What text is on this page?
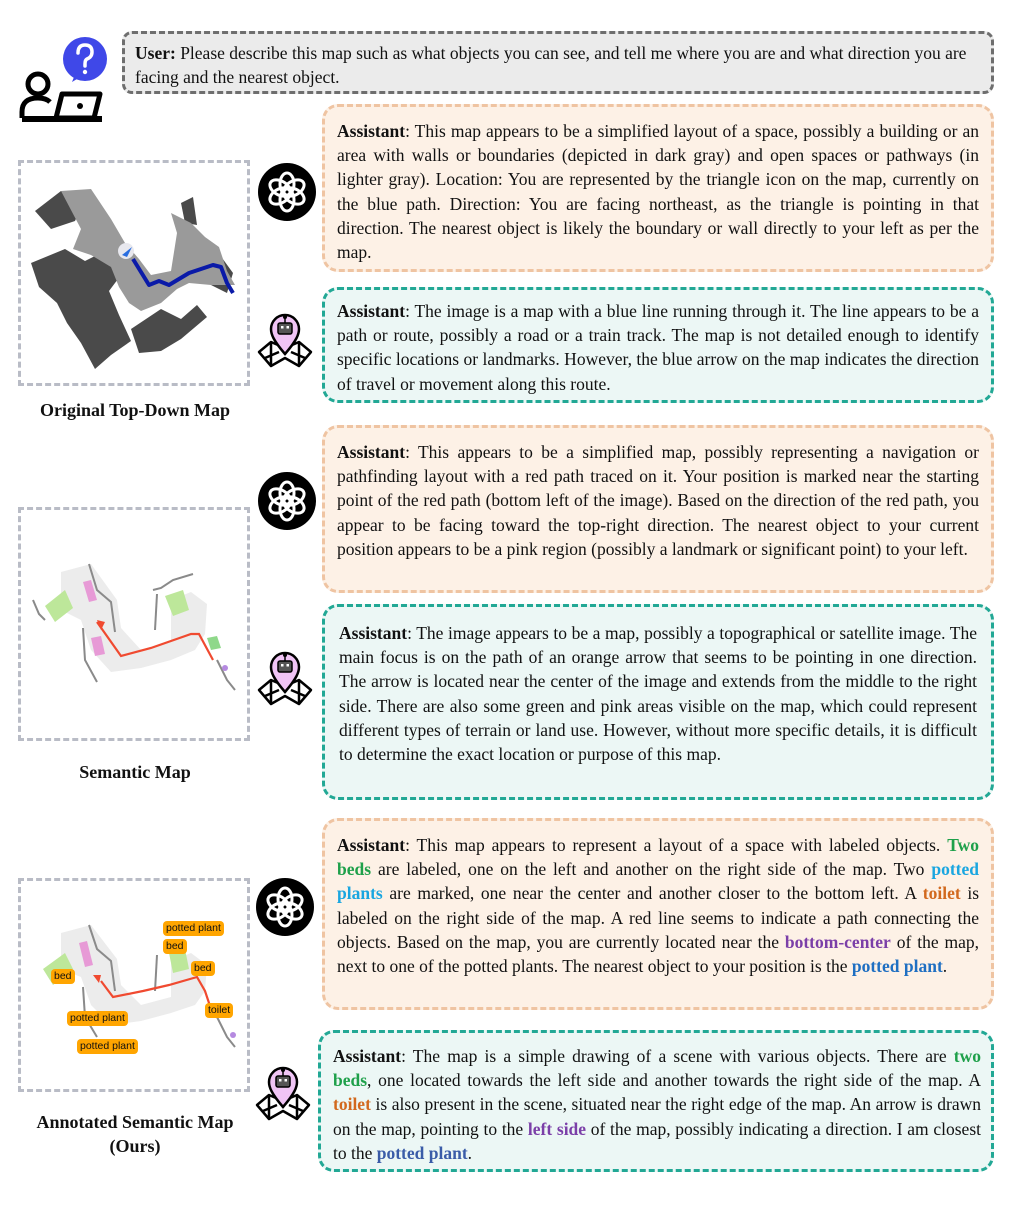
User: Please describe this map such as what objects you can see, and tell me where you are and what direction you are facing and the nearest object.
Original Top-Down Map
Semantic Map
bed
potted plant
bed
bed
potted plant
potted plant
toilet
Annotated Semantic Map
(Ours)
Assistant: This map appears to be a simplified layout of a space, possibly a building or an area with walls or boundaries (depicted in dark gray) and open spaces or pathways (in lighter gray). Location: You are represented by the triangle icon on the map, currently on the blue path. Direction: You are facing northeast, as the triangle is pointing in that direction. The nearest object is likely the boundary or wall directly to your left as per the map.
Assistant: The image is a map with a blue line running through it. The line appears to be a path or route, possibly a road or a train track. The map is not detailed enough to identify specific locations or landmarks. However, the blue arrow on the map indicates the direction of travel or movement along this route.
Assistant: This appears to be a simplified map, possibly representing a navigation or pathfinding layout with a red path traced on it. Your position is marked near the starting point of the red path (bottom left of the image). Based on the direction of the red path, you appear to be facing toward the top-right direction. The nearest object to your current position appears to be a pink region (possibly a landmark or significant point) to your left.
Assistant: The image appears to be a map, possibly a topographical or satellite image. The main focus is on the path of an orange arrow that seems to be pointing in one direction. The arrow is located near the center of the image and extends from the middle to the right side. There are also some green and pink areas visible on the map, which could represent different types of terrain or land use. However, without more specific details, it is difficult to determine the exact location or purpose of this map.
Assistant: This map appears to represent a layout of a space with labeled objects. Two beds are labeled, one on the left and another on the right side of the map. Two potted plants are marked, one near the center and another closer to the bottom left. A toilet is labeled on the right side of the map. A red line seems to indicate a path connecting the objects. Based on the map, you are currently located near the bottom-center of the map, next to one of the potted plants. The nearest object to your position is the potted plant.
Assistant: The map is a simple drawing of a scene with various objects. There are two beds, one located towards the left side and another towards the right side of the map. A toilet is also present in the scene, situated near the right edge of the map. An arrow is drawn on the map, pointing to the left side of the map, possibly indicating a direction. I am closest to the potted plant.
